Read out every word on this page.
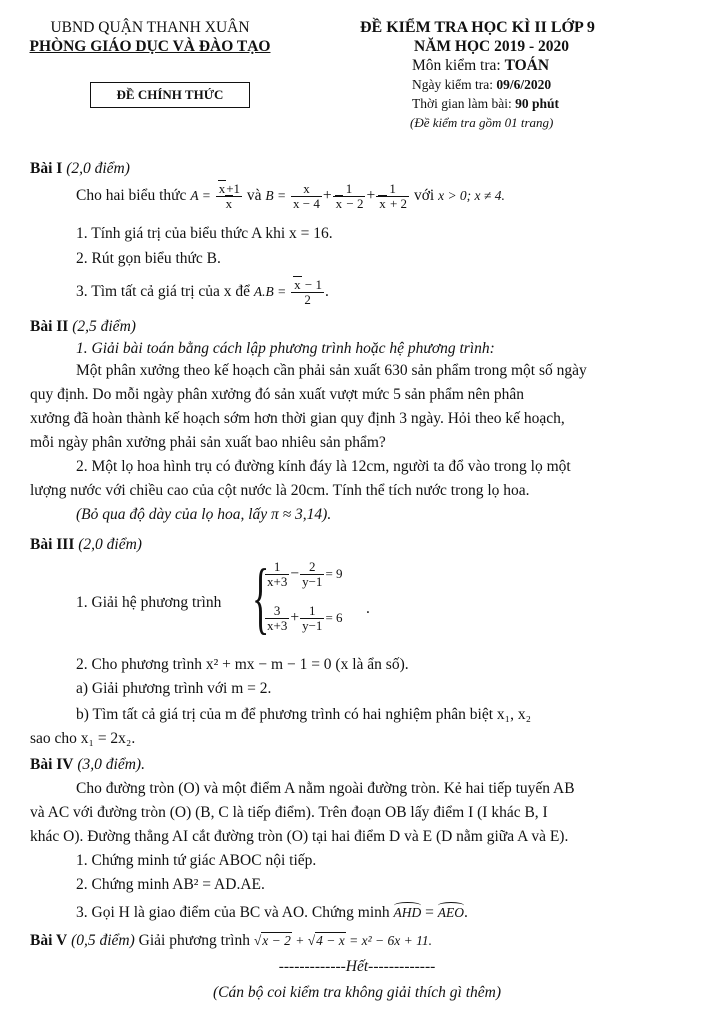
UBND QUẬN THANH XUÂN
PHÒNG GIÁO DỤC VÀ ĐÀO TẠO
ĐỀ CHÍNH THỨC
ĐỀ KIỂM TRA HỌC KÌ II LỚP 9
NĂM HỌC 2019 - 2020
Môn kiểm tra: TOÁN
Ngày kiểm tra: 09/6/2020
Thời gian làm bài: 90 phút
(Đề kiểm tra gồm 01 trang)
Bài I (2,0 điểm)
Cho hai biểu thức $A = \frac{x+1}{x}$ và $B = \frac{x}{x - 4} + \frac{1}{x - 2} + \frac{1}{x + 2}$ với x > 0; x ≠ 4.
1. Tính giá trị của biểu thức A khi x = 16.
2. Rút gọn biểu thức B.
3. Tìm tất cả giá trị của x để $A.B = \frac{x - 1}{2}$ .
Bài II (2,5 điểm)
1. Giải bài toán bằng cách lập phương trình hoặc hệ phương trình:
Một phân xưởng theo kế hoạch cần phải sản xuất 630 sản phẩm trong một số ngày
quy định. Do mỗi ngày phân xưởng đó sản xuất vượt mức 5 sản phẩm nên phân
xưởng đã hoàn thành kế hoạch sớm hơn thời gian quy định 3 ngày. Hỏi theo kế hoạch,
mỗi ngày phân xưởng phải sản xuất bao nhiêu sản phẩm?
2. Một lọ hoa hình trụ có đường kính đáy là 12cm, người ta đổ vào trong lọ một
lượng nước với chiều cao của cột nước là 20cm. Tính thể tích nước trong lọ hoa.
(Bỏ qua độ dày của lọ hoa, lấy π ≈ 3,14).
Bài III (2,0 điểm)
1. Giải hệ phương trình {
$\frac{1}{x+3} - \frac{2}{y-1} = 9$
$\frac{3}{x+3} + \frac{1}{y-1} = 6$
.
2. Cho phương trình x² + mx − m − 1 = 0 (x là ẩn số).
a) Giải phương trình với m = 2.
b) Tìm tất cả giá trị của m để phương trình có hai nghiệm phân biệt x₁, x₂
sao cho x₁ = 2x₂.
Bài IV (3,0 điểm).
Cho đường tròn (O) và một điểm A nằm ngoài đường tròn. Kẻ hai tiếp tuyến AB
và AC với đường tròn (O) (B, C là tiếp điểm). Trên đoạn OB lấy điểm I (I khác B, I
khác O). Đường thẳng AI cắt đường tròn (O) tại hai điểm D và E (D nằm giữa A và E).
1. Chứng minh tứ giác ABOC nội tiếp.
2. Chứng minh AB² = AD.AE.
3. Gọi H là giao điểm của BC và AO. Chứng minh AHD = AEO.
Bài V (0,5 điểm) Giải phương trình √x − 2 + √4 − x = x² − 6x + 11.
-------------Hết-------------
(Cán bộ coi kiểm tra không giải thích gì thêm)
